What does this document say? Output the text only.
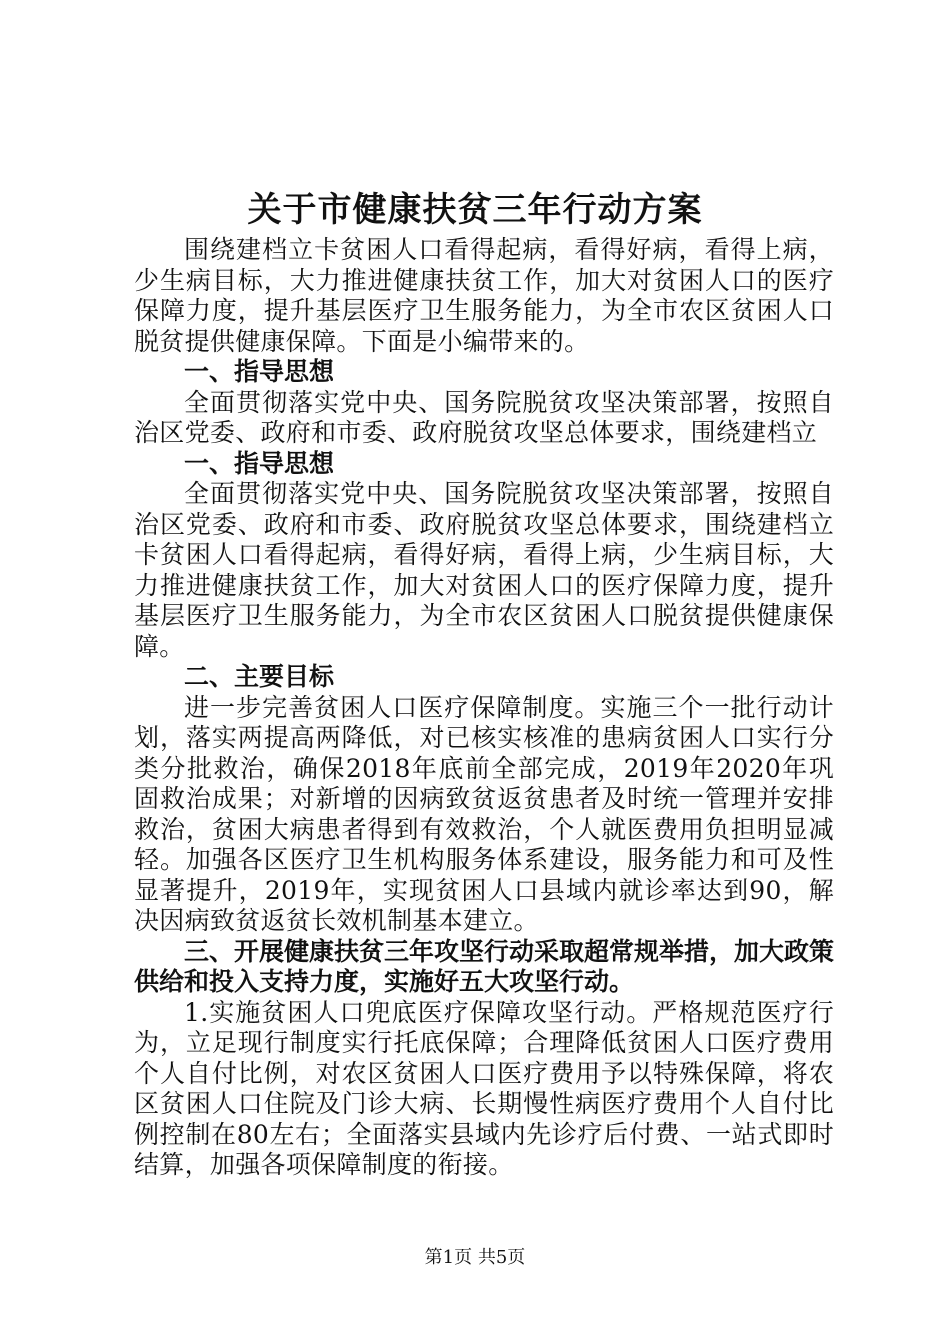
关于市健康扶贫三年行动方案

围绕建档立卡贫困人口看得起病，看得好病，看得上病，少生病目标，大力推进健康扶贫工作，加大对贫困人口的医疗保障力度，提升基层医疗卫生服务能力，为全市农区贫困人口脱贫提供健康保障。下面是小编带来的。

一、指导思想

全面贯彻落实党中央、国务院脱贫攻坚决策部署，按照自治区党委、政府和市委、政府脱贫攻坚总体要求，围绕建档立

一、指导思想

全面贯彻落实党中央、国务院脱贫攻坚决策部署，按照自治区党委、政府和市委、政府脱贫攻坚总体要求，围绕建档立卡贫困人口看得起病，看得好病，看得上病，少生病目标，大力推进健康扶贫工作，加大对贫困人口的医疗保障力度，提升基层医疗卫生服务能力，为全市农区贫困人口脱贫提供健康保障。

二、主要目标

进一步完善贫困人口医疗保障制度。实施三个一批行动计划，落实两提高两降低，对已核实核准的患病贫困人口实行分类分批救治，确保2018年底前全部完成，2019年2020年巩固救治成果；对新增的因病致贫返贫患者及时统一管理并安排救治，贫困大病患者得到有效救治，个人就医费用负担明显减轻。加强各区医疗卫生机构服务体系建设，服务能力和可及性显著提升，2019年，实现贫困人口县域内就诊率达到90，解决因病致贫返贫长效机制基本建立。

三、开展健康扶贫三年攻坚行动采取超常规举措，加大政策供给和投入支持力度，实施好五大攻坚行动。

1.实施贫困人口兜底医疗保障攻坚行动。严格规范医疗行为，立足现行制度实行托底保障；合理降低贫困人口医疗费用个人自付比例，对农区贫困人口医疗费用予以特殊保障，将农区贫困人口住院及门诊大病、长期慢性病医疗费用个人自付比例控制在80左右；全面落实县域内先诊疗后付费、一站式即时结算，加强各项保障制度的衔接。

第1页 共5页
